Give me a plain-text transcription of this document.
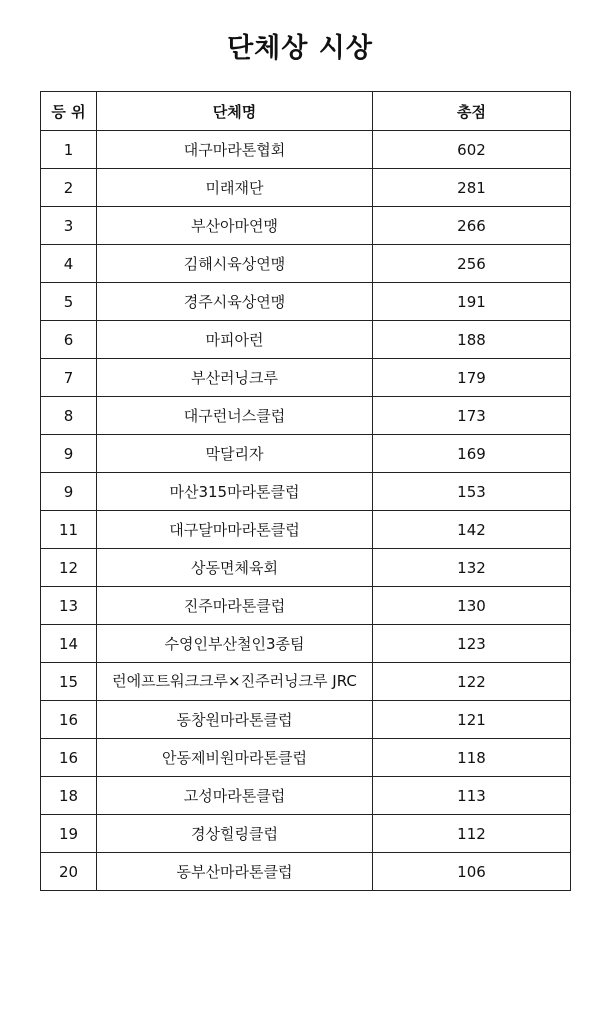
단체상 시상
등 위	단체명	총점
1	대구마라톤협회	602
2	미래재단	281
3	부산아마연맹	266
4	김해시육상연맹	256
5	경주시육상연맹	191
6	마피아런	188
7	부산러닝크루	179
8	대구런너스클럽	173
9	막달리자	169
9	마산315마라톤클럽	153
11	대구달마마라톤클럽	142
12	상동면체육회	132
13	진주마라톤클럽	130
14	수영인부산철인3종팀	123
15	런에프트워크크루×진주러닝크루 JRC	122
16	동창원마라톤클럽	121
16	안동제비원마라톤클럽	118
18	고성마라톤클럽	113
19	경상힐링클럽	112
20	동부산마라톤클럽	106
